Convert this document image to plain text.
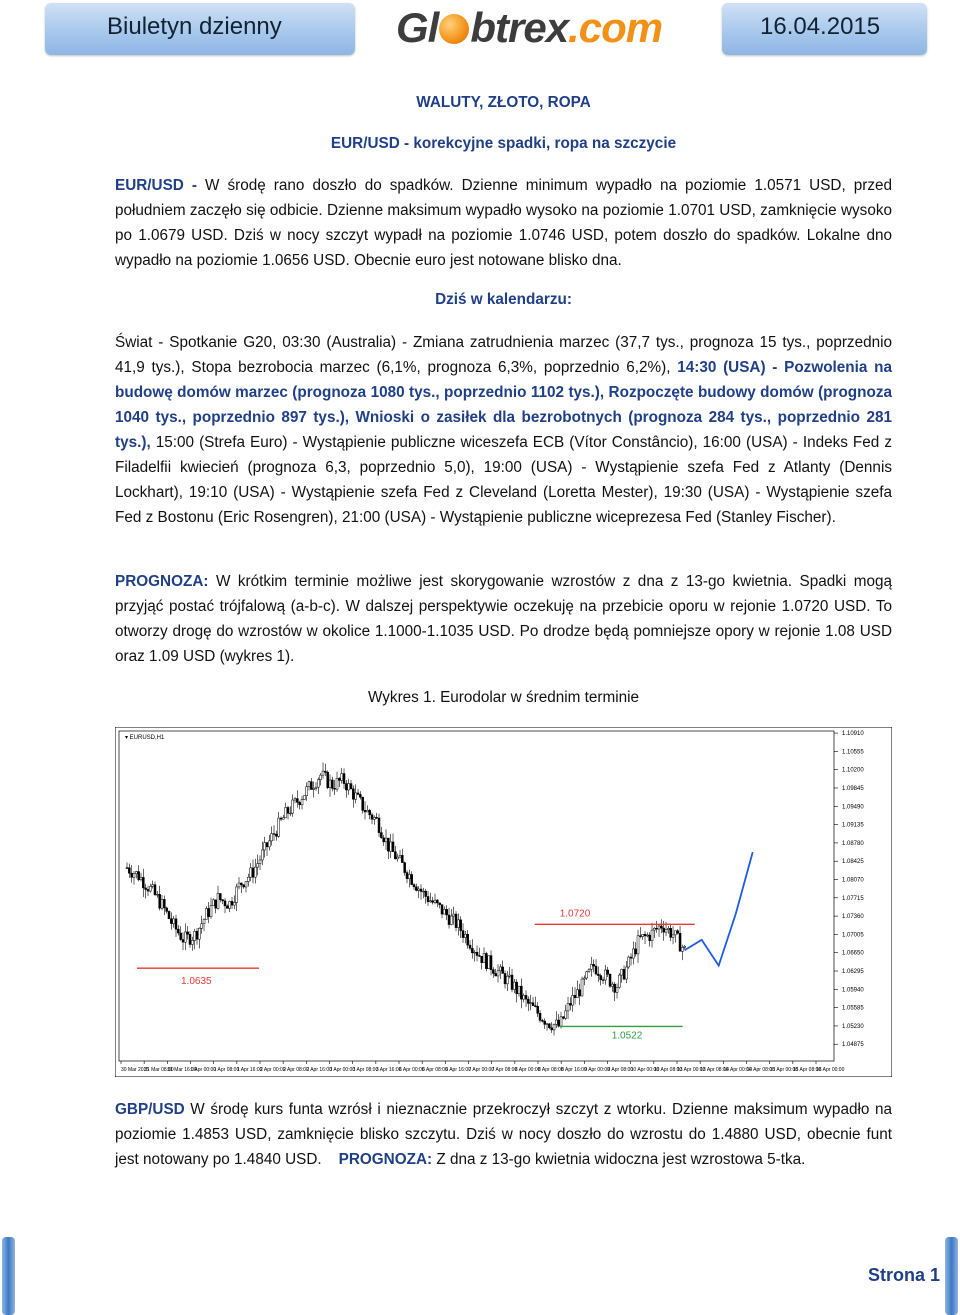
Biuletyn dzienny	Gl btrex.com	16.04.2015
WALUTY, ZŁOTO, ROPA
EUR/USD - korekcyjne spadki, ropa na szczycie
EUR/USD - W środę rano doszło do spadków. Dzienne minimum wypadło na poziomie 1.0571 USD, przed południem zaczęło się odbicie. Dzienne maksimum wypadło wysoko na poziomie 1.0701 USD, zamknięcie wysoko po 1.0679 USD. Dziś w nocy szczyt wypadł na poziomie 1.0746 USD, potem doszło do spadków. Lokalne dno wypadło na poziomie 1.0656 USD. Obecnie euro jest notowane blisko dna.
Dziś w kalendarzu:
Świat - Spotkanie G20, 03:30 (Australia) - Zmiana zatrudnienia marzec (37,7 tys., prognoza 15 tys., poprzednio 41,9 tys.), Stopa bezrobocia marzec (6,1%, prognoza 6,3%, poprzednio 6,2%), 14:30 (USA) - Pozwolenia na budowę domów marzec (prognoza 1080 tys., poprzednio 1102 tys.), Rozpoczęte budowy domów (prognoza 1040 tys., poprzednio 897 tys.), Wnioski o zasiłek dla bezrobotnych (prognoza 284 tys., poprzednio 281 tys.), 15:00 (Strefa Euro) - Wystąpienie publiczne wiceszefa ECB (Vítor Constâncio), 16:00 (USA) - Indeks Fed z Filadelfii kwiecień (prognoza 6,3, poprzednio 5,0), 19:00 (USA) - Wystąpienie szefa Fed z Atlanty (Dennis Lockhart), 19:10 (USA) - Wystąpienie szefa Fed z Cleveland (Loretta Mester), 19:30 (USA) - Wystąpienie szefa Fed z Bostonu (Eric Rosengren), 21:00 (USA) - Wystąpienie publiczne wiceprezesa Fed (Stanley Fischer).
PROGNOZA: W krótkim terminie możliwe jest skorygowanie wzrostów z dna z 13-go kwietnia. Spadki mogą przyjąć postać trójfalową (a-b-c). W dalszej perspektywie oczekuję na przebicie oporu w rejonie 1.0720 USD. To otworzy drogę do wzrostów w okolice 1.1000-1.1035 USD. Po drodze będą pomniejsze opory w rejonie 1.08 USD oraz 1.09 USD (wykres 1).
Wykres 1. Eurodolar w średnim terminie
▾ EURUSD,H1
1.10910
1.10555
1.10200
1.09845
1.09490
1.09135
1.08780
1.08425
1.08070
1.07715
1.07360
1.07005
1.06650
1.06295
1.05940
1.05585
1.05230
1.04875
30 Mar 2015
31 Mar 08:00
31 Mar 16:00
1 Apr 00:00
1 Apr 08:00
1 Apr 16:00
2 Apr 00:00
2 Apr 08:00
2 Apr 16:00
3 Apr 00:00
3 Apr 08:00
3 Apr 16:00
6 Apr 00:00
6 Apr 08:00
6 Apr 16:00
7 Apr 00:00
7 Apr 08:00
8 Apr 00:00
8 Apr 08:00
8 Apr 16:00
9 Apr 00:00
9 Apr 08:00
10 Apr 00:00
10 Apr 08:00
13 Apr 00:00
13 Apr 08:00
14 Apr 00:00
14 Apr 08:00
15 Apr 00:00
15 Apr 08:00
16 Apr 00:00
1.0720
1.0635
1.0522
GBP/USD W środę kurs funta wzrósł i nieznacznie przekroczył szczyt z wtorku. Dzienne maksimum wypadło na poziomie 1.4853 USD, zamknięcie blisko szczytu. Dziś w nocy doszło do wzrostu do 1.4880 USD, obecnie funt jest notowany po 1.4840 USD. PROGNOZA: Z dna z 13-go kwietnia widoczna jest wzrostowa 5-tka.
Strona 1
